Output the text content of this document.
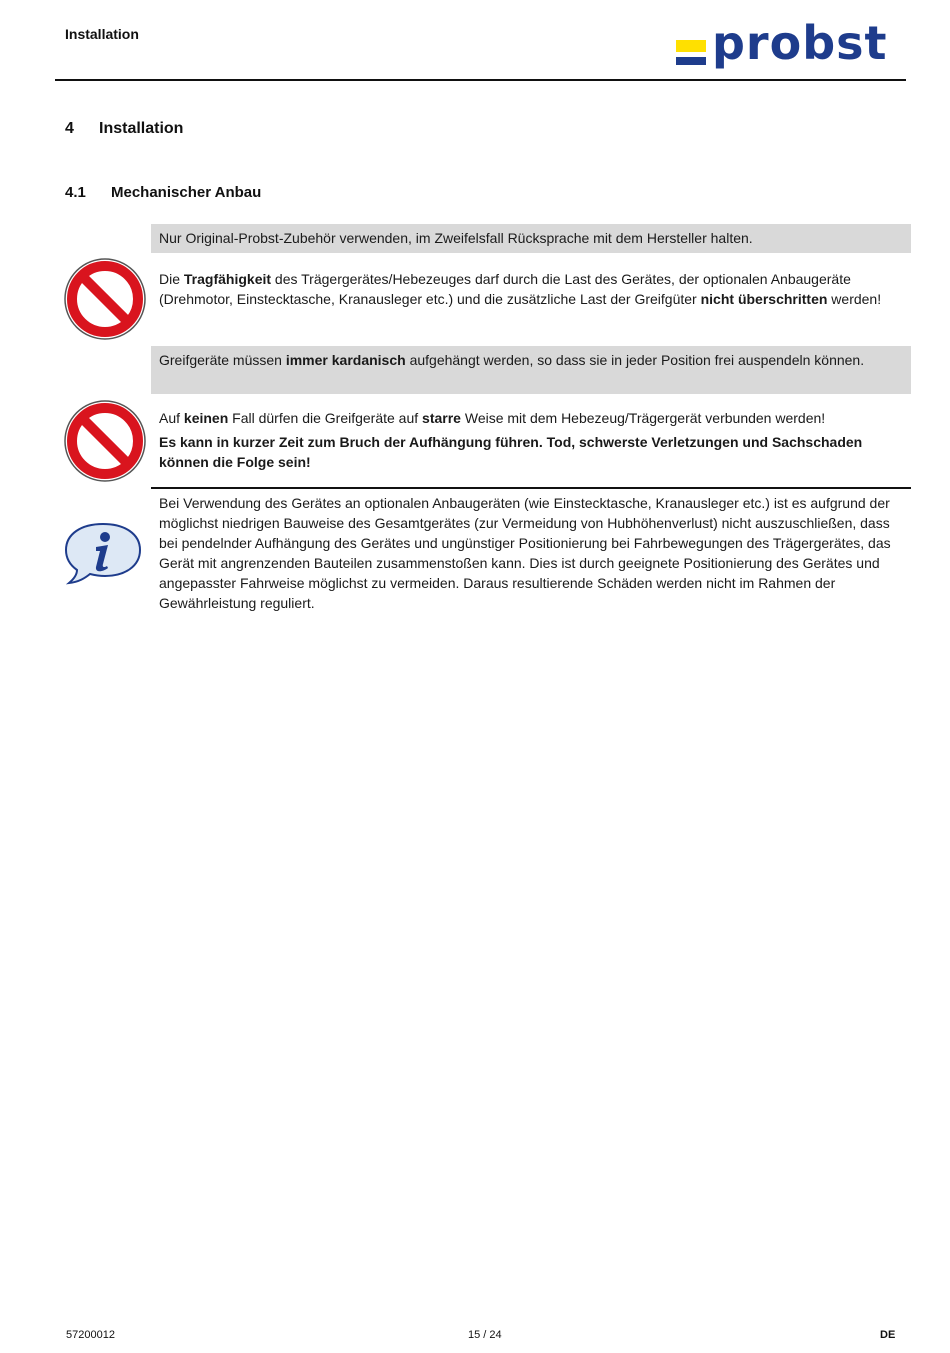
Installation	probst
4 Installation
4.1 Mechanischer Anbau
Nur Original-Probst-Zubehör verwenden, im Zweifelsfall Rücksprache mit dem Hersteller halten.
Die Tragfähigkeit des Trägergerätes/Hebezeuges darf durch die Last des Gerätes, der optionalen Anbaugeräte (Drehmotor, Einstecktasche, Kranausleger etc.) und die zusätzliche Last der Greifgüter nicht überschritten werden!
Greifgeräte müssen immer kardanisch aufgehängt werden, so dass sie in jeder Position frei auspendeln können.
Auf keinen Fall dürfen die Greifgeräte auf starre Weise mit dem Hebezeug/Trägergerät verbunden werden!
Es kann in kurzer Zeit zum Bruch der Aufhängung führen. Tod, schwerste Verletzungen und Sachschaden können die Folge sein!
Bei Verwendung des Gerätes an optionalen Anbaugeräten (wie Einstecktasche, Kranausleger etc.) ist es aufgrund der möglichst niedrigen Bauweise des Gesamtgerätes (zur Vermeidung von Hubhöhenverlust) nicht auszuschließen, dass bei pendelnder Aufhängung des Gerätes und ungünstiger Positionierung bei Fahrbewegungen des Trägergerätes, das Gerät mit angrenzenden Bauteilen zusammenstoßen kann. Dies ist durch geeignete Positionierung des Gerätes und angepasster Fahrweise möglichst zu vermeiden. Daraus resultierende Schäden werden nicht im Rahmen der Gewährleistung reguliert.
57200012	15 / 24	DE
